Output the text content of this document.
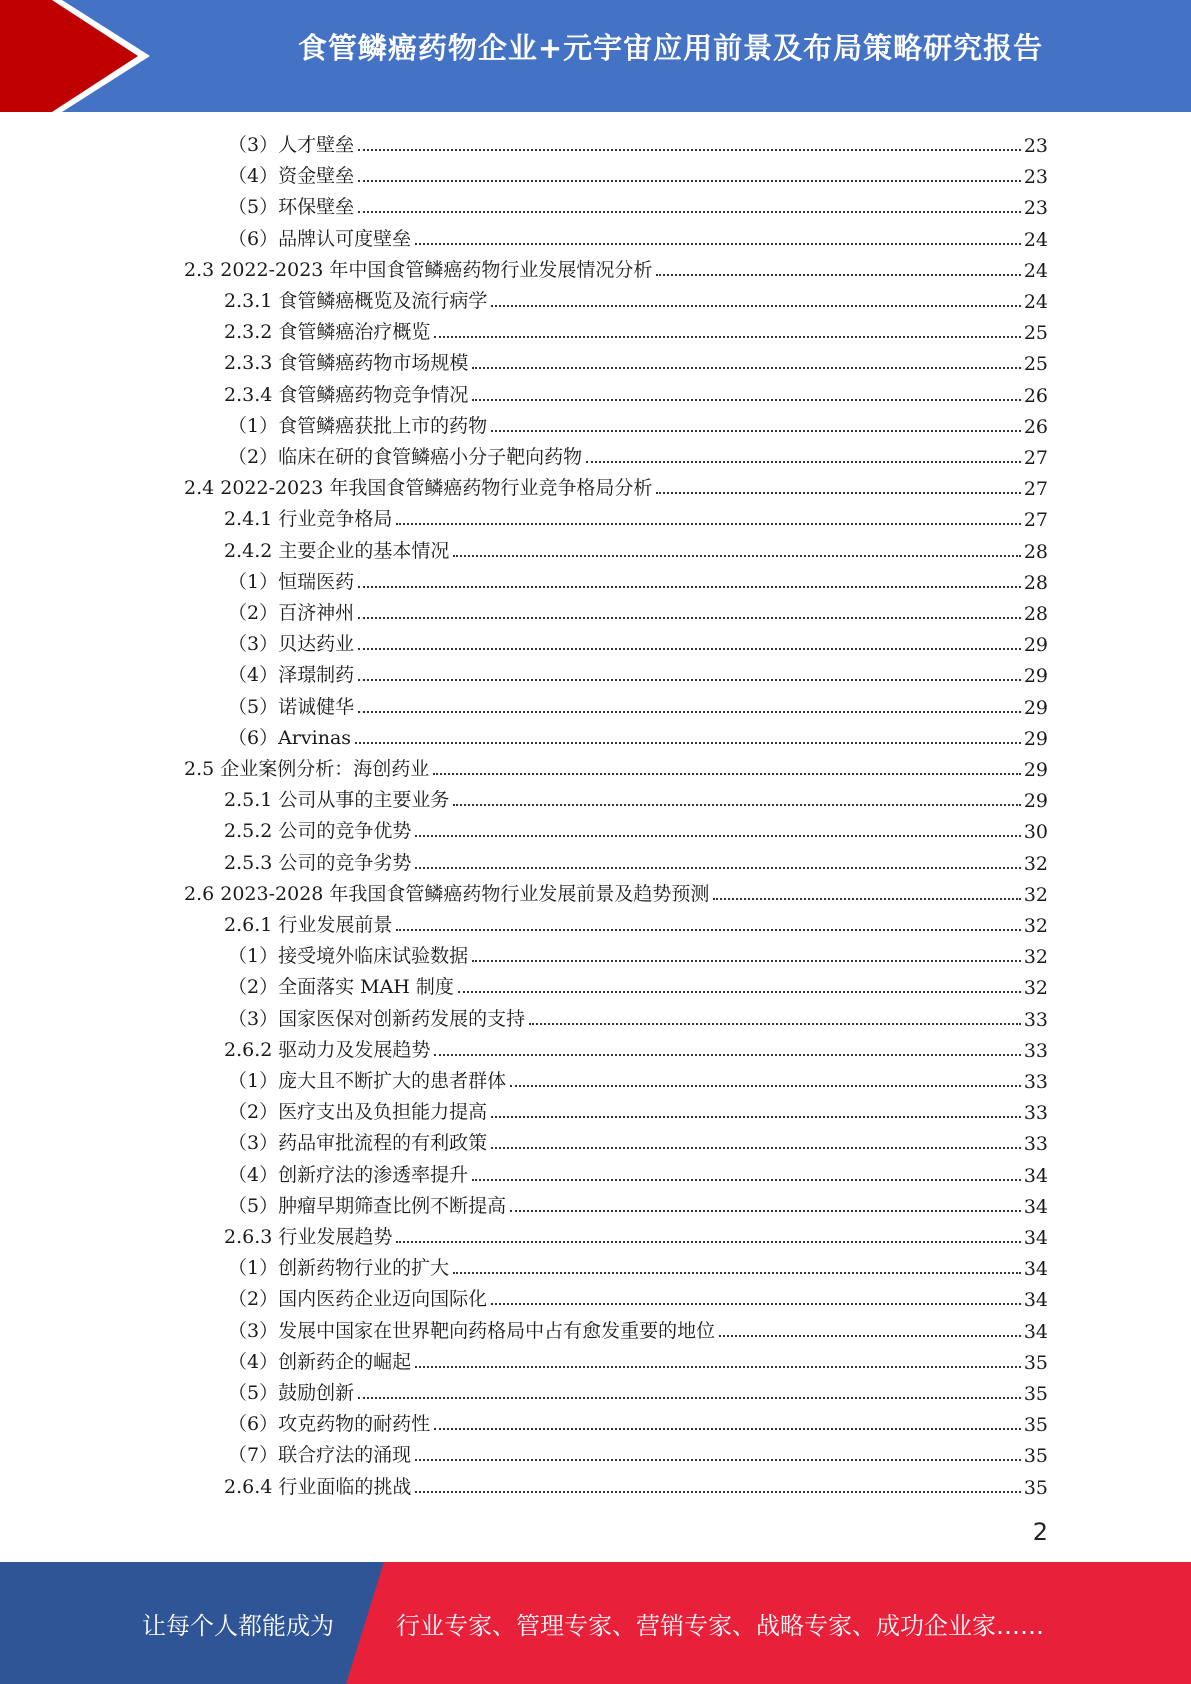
食管鳞癌药物企业+元宇宙应用前景及布局策略研究报告
（3）人才壁垒	23
（4）资金壁垒	23
（5）环保壁垒	23
（6）品牌认可度壁垒	24
2.3 2022-2023 年中国食管鳞癌药物行业发展情况分析	24
2.3.1 食管鳞癌概览及流行病学	24
2.3.2 食管鳞癌治疗概览	25
2.3.3 食管鳞癌药物市场规模	25
2.3.4 食管鳞癌药物竞争情况	26
（1）食管鳞癌获批上市的药物	26
（2）临床在研的食管鳞癌小分子靶向药物	27
2.4 2022-2023 年我国食管鳞癌药物行业竞争格局分析	27
2.4.1 行业竞争格局	27
2.4.2 主要企业的基本情况	28
（1）恒瑞医药	28
（2）百济神州	28
（3）贝达药业	29
（4）泽璟制药	29
（5）诺诚健华	29
（6）Arvinas	29
2.5 企业案例分析：海创药业	29
2.5.1 公司从事的主要业务	29
2.5.2 公司的竞争优势	30
2.5.3 公司的竞争劣势	32
2.6 2023-2028 年我国食管鳞癌药物行业发展前景及趋势预测	32
2.6.1 行业发展前景	32
（1）接受境外临床试验数据	32
（2）全面落实 MAH 制度	32
（3）国家医保对创新药发展的支持	33
2.6.2 驱动力及发展趋势	33
（1）庞大且不断扩大的患者群体	33
（2）医疗支出及负担能力提高	33
（3）药品审批流程的有利政策	33
（4）创新疗法的渗透率提升	34
（5）肿瘤早期筛查比例不断提高	34
2.6.3 行业发展趋势	34
（1）创新药物行业的扩大	34
（2）国内医药企业迈向国际化	34
（3）发展中国家在世界靶向药格局中占有愈发重要的地位	34
（4）创新药企的崛起	35
（5）鼓励创新	35
（6）攻克药物的耐药性	35
（7）联合疗法的涌现	35
2.6.4 行业面临的挑战	35
2
让每个人都能成为	行业专家、管理专家、营销专家、战略专家、成功企业家……
